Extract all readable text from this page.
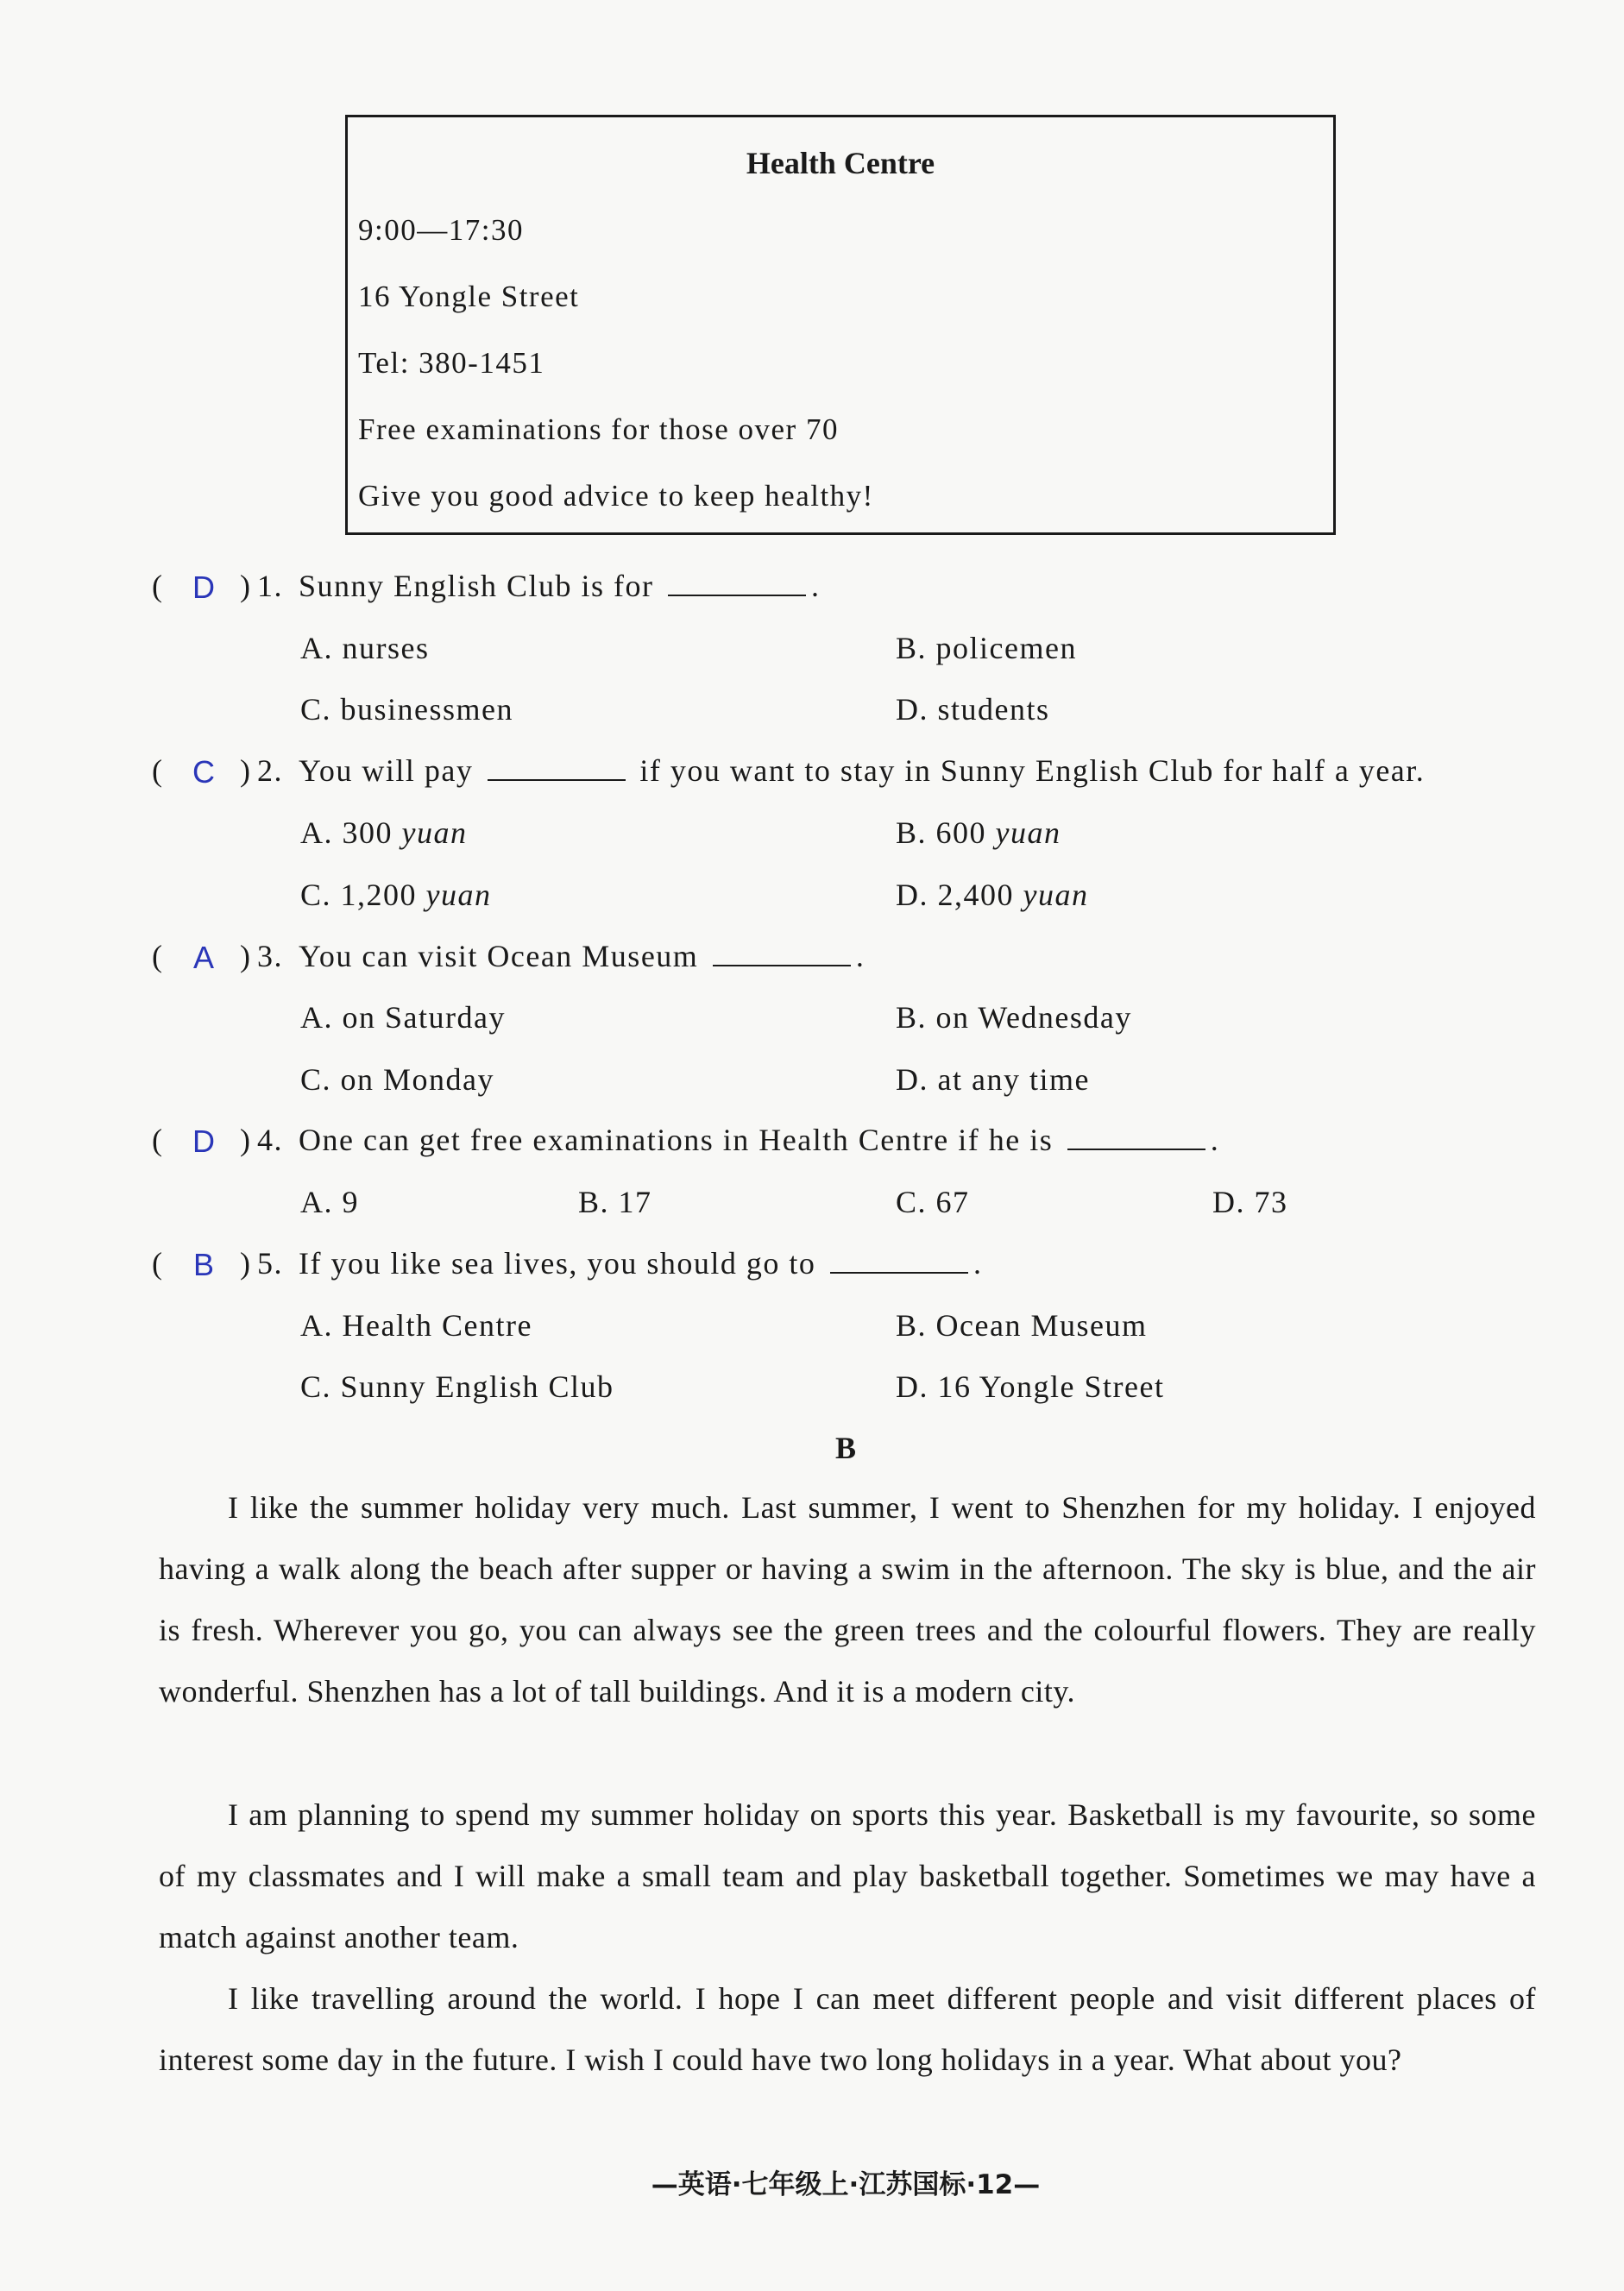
Health Centre
9:00—17:30
16 Yongle Street
Tel: 380-1451
Free examinations for those over 70
Give you good advice to keep healthy!
( D ) 1. Sunny English Club is for	.
A. nurses	B. policemen
C. businessmen	D. students
( C ) 2. You will pay	if you want to stay in Sunny English Club for half a year.
A. 300 yuan	B. 600 yuan
C. 1,200 yuan	D. 2,400 yuan
( A ) 3. You can visit Ocean Museum	.
A. on Saturday	B. on Wednesday
C. on Monday	D. at any time
( D ) 4. One can get free examinations in Health Centre if he is	.
A. 9	B. 17	C. 67	D. 73
( B ) 5. If you like sea lives, you should go to	.
A. Health Centre	B. Ocean Museum
C. Sunny English Club	D. 16 Yongle Street
B
I like the summer holiday very much. Last summer, I went to Shenzhen for my holiday. I enjoyed having a walk along the beach after supper or having a swim in the afternoon. The sky is blue, and the air is fresh. Wherever you go, you can always see the green trees and the colourful flowers. They are really wonderful. Shenzhen has a lot of tall buildings. And it is a modern city.
I am planning to spend my summer holiday on sports this year. Basketball is my favourite, so some of my classmates and I will make a small team and play basketball together. Sometimes we may have a match against another team.
I like travelling around the world. I hope I can meet different people and visit different places of interest some day in the future. I wish I could have two long holidays in a year. What about you?
—英语·七年级上·江苏国标·12—
